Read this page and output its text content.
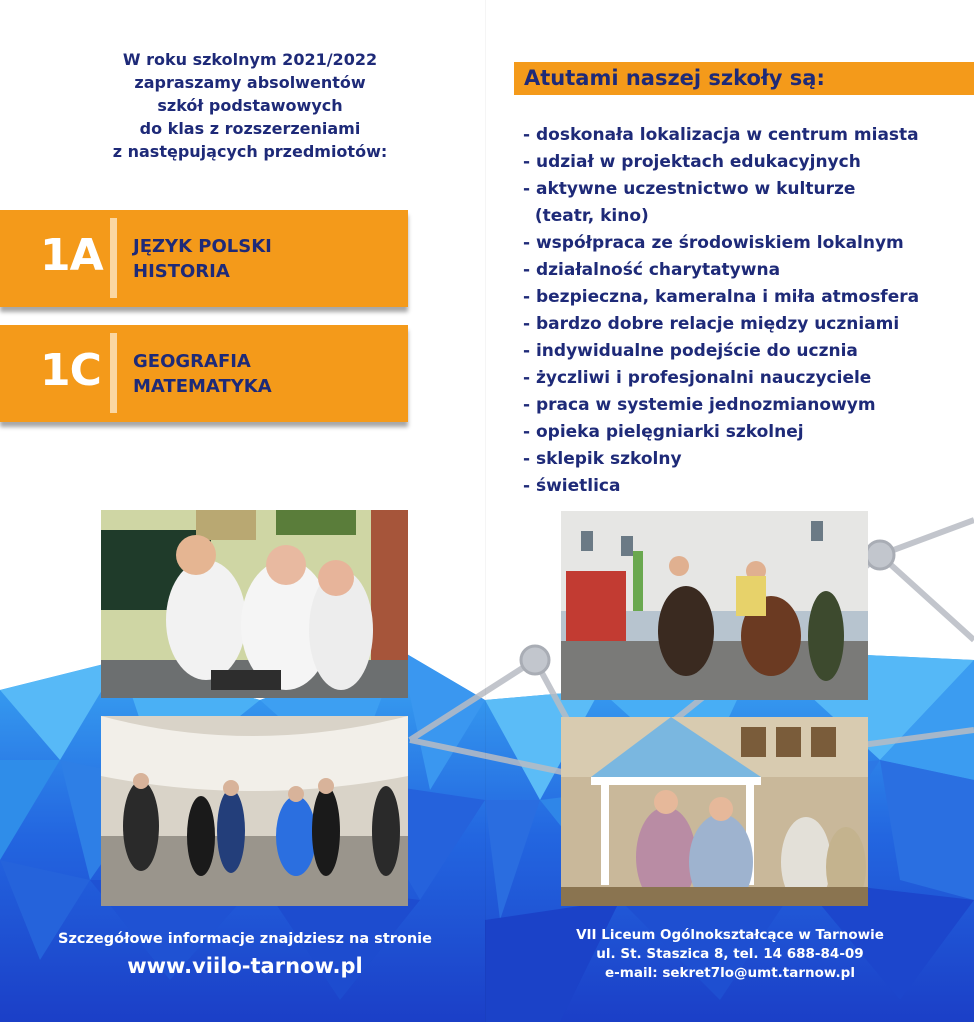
W roku szkolnym 2021/2022
zapraszamy absolwentów
szkół podstawowych
do klas z rozszerzeniami
z następujących przedmiotów:
1A JĘZYK POLSKI
HISTORIA
1C GEOGRAFIA
MATEMATYKA
Atutami naszej szkoły są:
- doskonała lokalizacja w centrum miasta
- udział w projektach edukacyjnych
- aktywne uczestnictwo w kulturze
(teatr, kino)
- współpraca ze środowiskiem lokalnym
- działalność charytatywna
- bezpieczna, kameralna i miła atmosfera
- bardzo dobre relacje między uczniami
- indywidualne podejście do ucznia
- życzliwi i profesjonalni nauczyciele
- praca w systemie jednozmianowym
- opieka pielęgniarki szkolnej
- sklepik szkolny
- świetlica
Szczegółowe informacje znajdziesz na stronie
www.viilo-tarnow.pl
VII Liceum Ogólnokształcące w Tarnowie
ul. St. Staszica 8, tel. 14 688-84-09
e-mail: sekret7lo@umt.tarnow.pl
